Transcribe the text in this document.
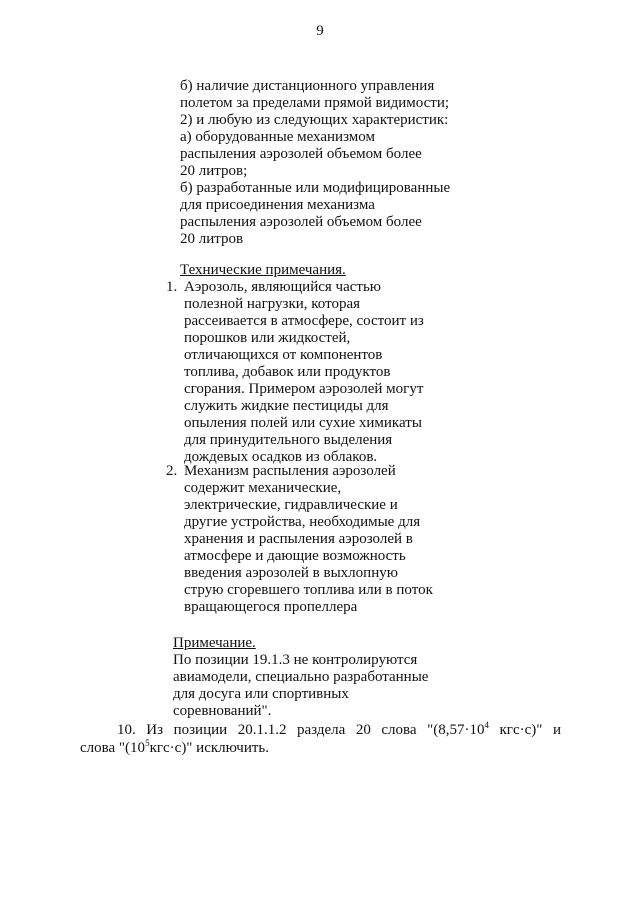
9
б) наличие дистанционного управления
полетом за пределами прямой видимости;
2) и любую из следующих характеристик:
а) оборудованные механизмом
распыления аэрозолей объемом более
20 литров;
б) разработанные или модифицированные
для присоединения механизма
распыления аэрозолей объемом более
20 литров
Технические примечания.
1. Аэрозоль, являющийся частью
полезной нагрузки, которая
рассеивается в атмосфере, состоит из
порошков или жидкостей,
отличающихся от компонентов
топлива, добавок или продуктов
сгорания. Примером аэрозолей могут
служить жидкие пестициды для
опыления полей или сухие химикаты
для принудительного выделения
дождевых осадков из облаков.
2. Механизм распыления аэрозолей
содержит механические,
электрические, гидравлические и
другие устройства, необходимые для
хранения и распыления аэрозолей в
атмосфере и дающие возможность
введения аэрозолей в выхлопную
струю сгоревшего топлива или в поток
вращающегося пропеллера
Примечание.
По позиции 19.1.3 не контролируются
авиамодели, специально разработанные
для досуга или спортивных
соревнований".
10. Из позиции 20.1.1.2 раздела 20 слова "($8,57\cdot 10^4$ кгс·с)" и
слова "$(10^5кгс\cdot с)$" исключить.
